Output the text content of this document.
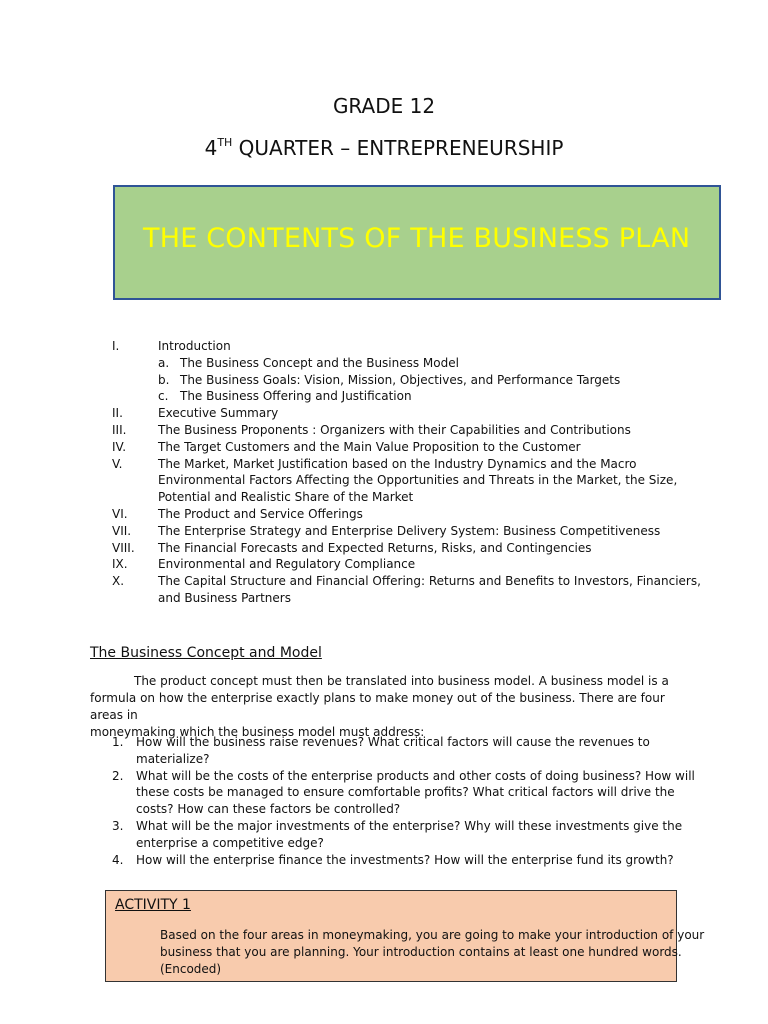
GRADE 12
4TH QUARTER – ENTREPRENEURSHIP
THE CONTENTS OF THE BUSINESS PLAN
I.	Introduction
a. The Business Concept and the Business Model
b. The Business Goals: Vision, Mission, Objectives, and Performance Targets
c. The Business Offering and Justification
II.	Executive Summary
III.	The Business Proponents : Organizers with their Capabilities and Contributions
IV.	The Target Customers and the Main Value Proposition to the Customer
V.	The Market, Market Justification based on the Industry Dynamics and the Macro
Environmental Factors Affecting the Opportunities and Threats in the Market, the Size,
Potential and Realistic Share of the Market
VI.	The Product and Service Offerings
VII. The Enterprise Strategy and Enterprise Delivery System: Business Competitiveness
VIII. The Financial Forecasts and Expected Returns, Risks, and Contingencies
IX.	Environmental and Regulatory Compliance
X.	The Capital Structure and Financial Offering: Returns and Benefits to Investors, Financiers,
and Business Partners
The Business Concept and Model
The product concept must then be translated into business model. A business model is a
formula on how the enterprise exactly plans to make money out of the business. There are four areas in
moneymaking which the business model must address:
1. How will the business raise revenues? What critical factors will cause the revenues to
materialize?
2. What will be the costs of the enterprise products and other costs of doing business? How will
these costs be managed to ensure comfortable profits? What critical factors will drive the
costs? How can these factors be controlled?
3. What will be the major investments of the enterprise? Why will these investments give the
enterprise a competitive edge?
4. How will the enterprise finance the investments? How will the enterprise fund its growth?
ACTIVITY 1
Based on the four areas in moneymaking, you are going to make your introduction of your
business that you are planning. Your introduction contains at least one hundred words.
(Encoded)
